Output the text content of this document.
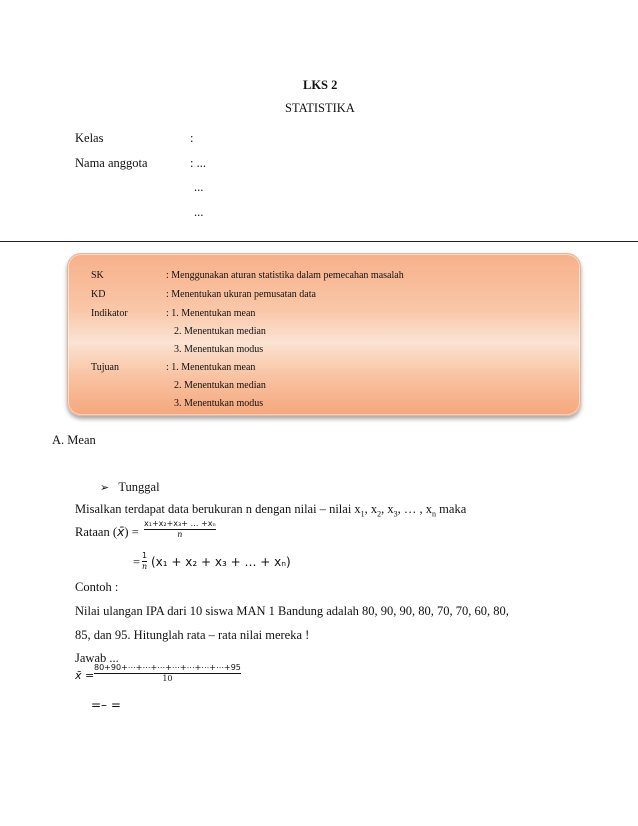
LKS 2
STATISTIKA
Kelas	:
Nama anggota	: ...
...
...
SK	: Menggunakan aturan statistika dalam pemecahan masalah
KD	: Menentukan ukuran pemusatan data
Indikator	: 1. Menentukan mean
2. Menentukan median
3. Menentukan modus
Tujuan	: 1. Menentukan mean
2. Menentukan median
3. Menentukan modus
A. Mean
➢ Tunggal
Misalkan terdapat data berukuran n dengan nilai – nilai $x_1$, $x_2$, $x_3$, … , $x_n$ maka
Rataan (x̄) =
x₁+x₂+x₃+ … +xₙ
n
= 1
n (x₁ + x₂ + x₃ + … + xₙ)
Contoh :
Nilai ulangan IPA dari 10 siswa MAN 1 Bandung adalah 80, 90, 90, 80, 70, 70, 60, 80,
85, dan 95. Hitunglah rata – rata nilai mereka !
Jawab ...
x̄ =
80+90+⋯+⋯+⋯+⋯+⋯+⋯+⋯+95
10
=– =
